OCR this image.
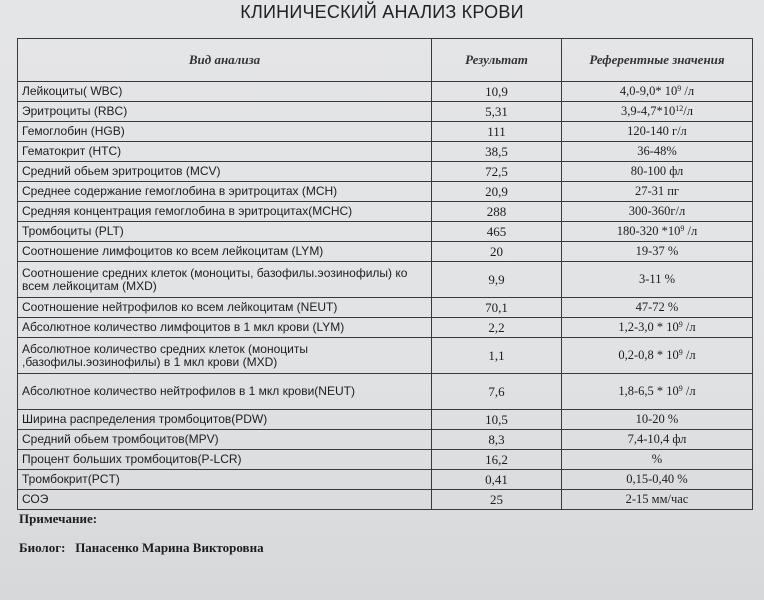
КЛИНИЧЕСКИЙ АНАЛИЗ КРОВИ
Вид анализа	Результат	Референтные значения
Лейкоциты( WBC)	10,9	4,0-9,0* $10^9$ /л
Эритроциты (RBC)	5,31	$3,9-4,7*10^{12}/л$
Гемоглобин (HGB)	111	120-140 г/л
Гематокрит (HTC)	38,5	36-48%
Средний обьем эритроцитов (MCV)	72,5	80-100 фл
Среднее содержание гемоглобина в эритроцитах (MCH)	20,9	27-31 пг
Средняя концентрация гемоглобина в эритроцитах(MCHC)	288	300-360г/л
Тромбоциты (PLT)	465	180-320 $*10^9$ /л
Соотношение лимфоцитов ко всем лейкоцитам (LYM)	20	19-37 %
Соотношение средних клеток (моноциты, базофилы.эозинофилы) ко всем лейкоцитам (MXD)	9,9	3-11 %
Соотношение нейтрофилов ко всем лейкоцитам (NEUT)	70,1	47-72 %
Абсолютное количество лимфоцитов в 1 мкл крови (LYM)	2,2	$1,2-3,0 * 10^9$ /л
Абсолютное количество средних клеток (моноциты ,базофилы.эозинофилы) в 1 мкл крови (MXD)	1,1	$0,2-0,8 * 10^9$ /л
Абсолютное количество нейтрофилов в 1 мкл крови(NEUT)	7,6	$1,8-6,5 * 10^9$ /л
Ширина распределения тромбоцитов(PDW)	10,5	10-20 %
Средний обьем тромбоцитов(MPV)	8,3	7,4-10,4 фл
Процент больших тромбоцитов(P-LCR)	16,2	%
Тромбокрит(PCT)	0,41	0,15-0,40 %
СОЭ	25	2-15 мм/час
Примечание:
Биолог:   Панасенко Марина Викторовна
